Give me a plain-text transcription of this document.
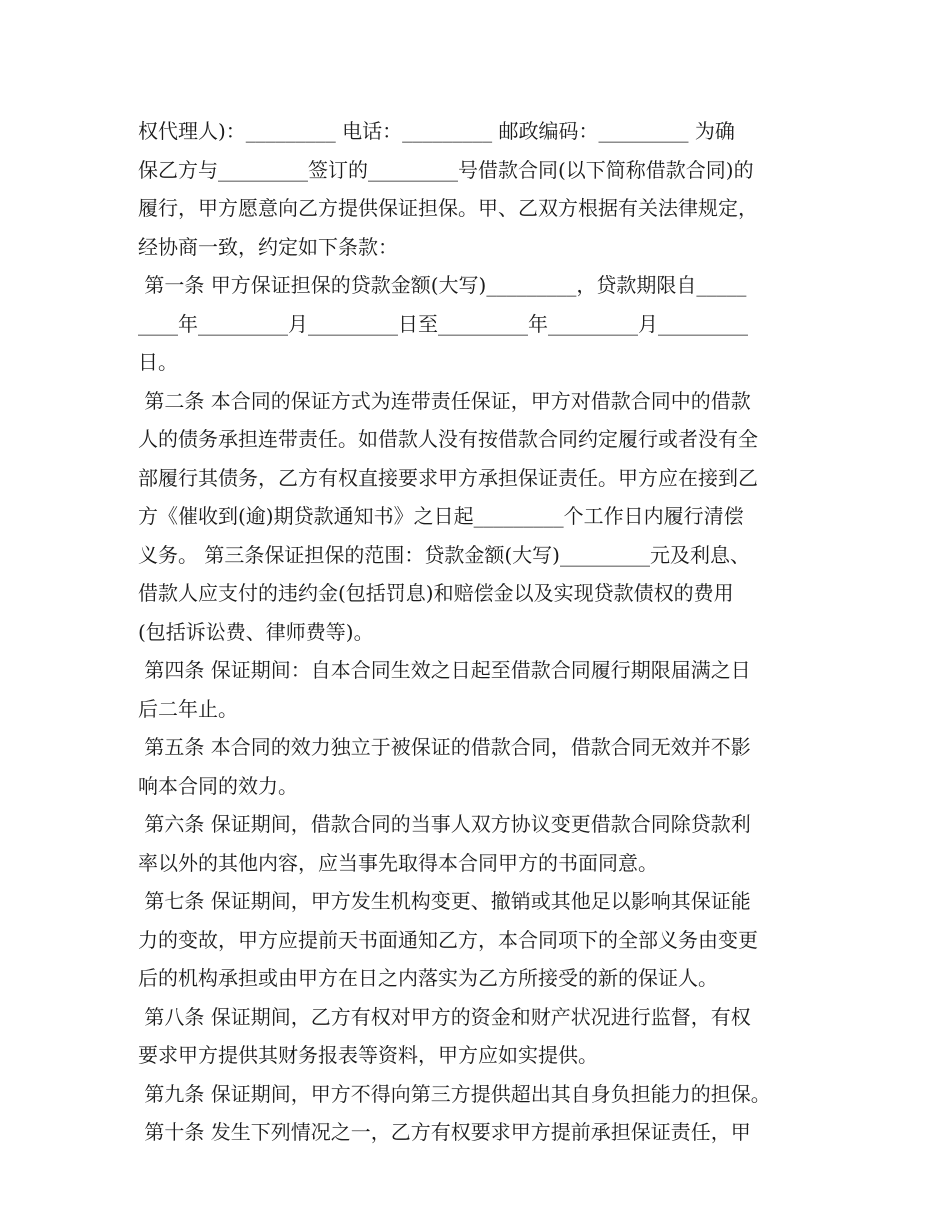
权代理人)：_________ 电话：_________ 邮政编码：_________ 为确
保乙方与_________签订的_________号借款合同(以下简称借款合同)的
履行，甲方愿意向乙方提供保证担保。甲、乙双方根据有关法律规定，
经协商一致，约定如下条款：
第一条 甲方保证担保的贷款金额(大写)_________，贷款期限自_____
____年_________月_________日至_________年_________月_________
日。
第二条 本合同的保证方式为连带责任保证，甲方对借款合同中的借款
人的债务承担连带责任。如借款人没有按借款合同约定履行或者没有全
部履行其债务，乙方有权直接要求甲方承担保证责任。甲方应在接到乙
方《催收到(逾)期贷款通知书》之日起_________个工作日内履行清偿
义务。 第三条保证担保的范围：贷款金额(大写)_________元及利息、
借款人应支付的违约金(包括罚息)和赔偿金以及实现贷款债权的费用
(包括诉讼费、律师费等)。
第四条 保证期间：自本合同生效之日起至借款合同履行期限届满之日
后二年止。
第五条 本合同的效力独立于被保证的借款合同，借款合同无效并不影
响本合同的效力。
第六条 保证期间，借款合同的当事人双方协议变更借款合同除贷款利
率以外的其他内容，应当事先取得本合同甲方的书面同意。
第七条 保证期间，甲方发生机构变更、撤销或其他足以影响其保证能
力的变故，甲方应提前天书面通知乙方，本合同项下的全部义务由变更
后的机构承担或由甲方在日之内落实为乙方所接受的新的保证人。
第八条 保证期间，乙方有权对甲方的资金和财产状况进行监督，有权
要求甲方提供其财务报表等资料，甲方应如实提供。
第九条 保证期间，甲方不得向第三方提供超出其自身负担能力的担保。
第十条 发生下列情况之一，乙方有权要求甲方提前承担保证责任，甲
